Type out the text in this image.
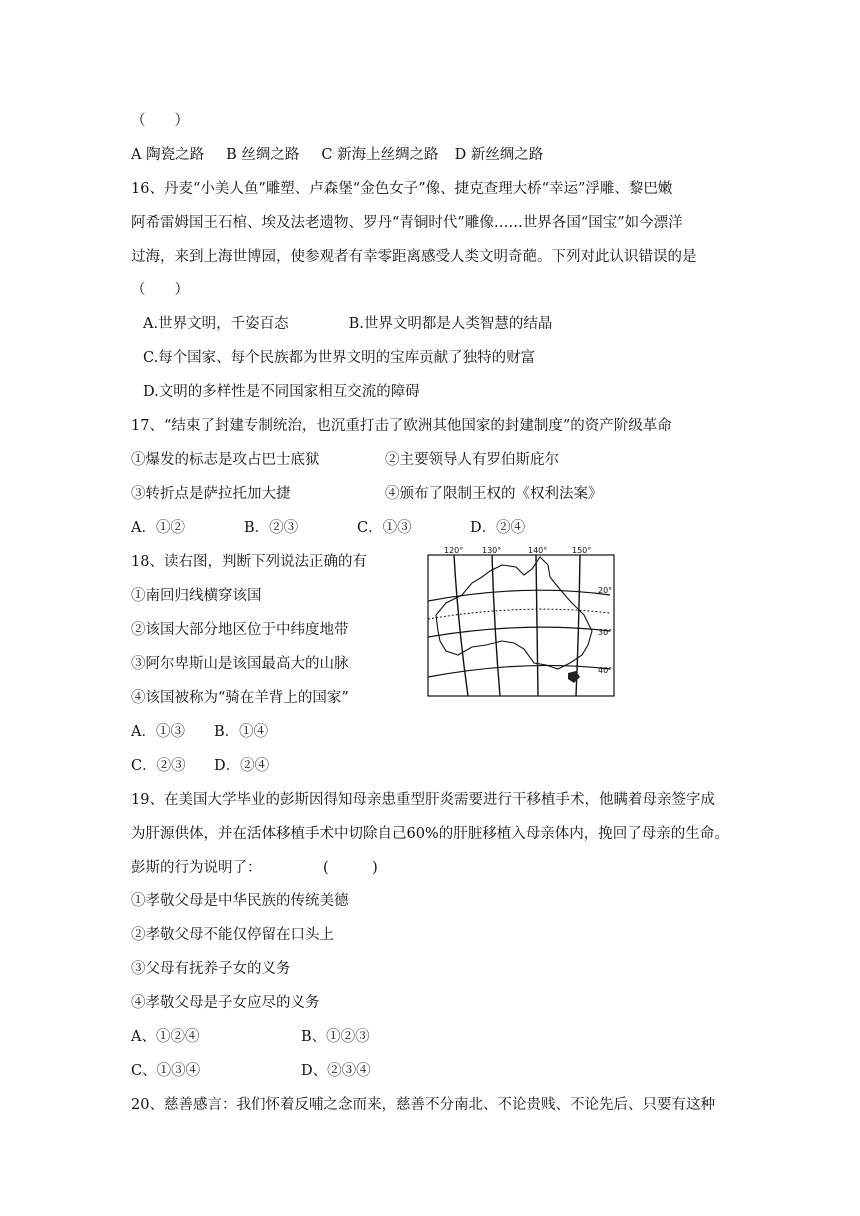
（　　）
A 陶瓷之路 B 丝绸之路 C 新海上丝绸之路 D 新丝绸之路
16、丹麦“小美人鱼”雕塑、卢森堡“金色女子”像、捷克查理大桥“幸运”浮雕、黎巴嫩
阿希雷姆国王石棺、埃及法老遗物、罗丹“青铜时代”雕像……世界各国“国宝”如今漂洋
过海，来到上海世博园，使参观者有幸零距离感受人类文明奇葩。下列对此认识错误的是
（　　）
A.世界文明，千姿百态	B.世界文明都是人类智慧的结晶
C.每个国家、每个民族都为世界文明的宝库贡献了独特的财富
D.文明的多样性是不同国家相互交流的障碍
17、“结束了封建专制统治，也沉重打击了欧洲其他国家的封建制度”的资产阶级革命
①爆发的标志是攻占巴士底狱	②主要领导人有罗伯斯庇尔
③转折点是萨拉托加大捷	④颁布了限制王权的《权利法案》
A．①②	B．②③	C．①③	D．②④
18、读右图，判断下列说法正确的有
①南回归线横穿该国
②该国大部分地区位于中纬度地带
③阿尔卑斯山是该国最高大的山脉
④该国被称为“骑在羊背上的国家”
A．①③ B．①④
C．②③ D．②④
120° 130°	140°	150°
20°
30°
40°
19、在美国大学毕业的彭斯因得知母亲患重型肝炎需要进行干移植手术，他瞒着母亲签字成
为肝源供体，并在活体移植手术中切除自己60%的肝脏移植入母亲体内，挽回了母亲的生命。
彭斯的行为说明了：	(　　　)
①孝敬父母是中华民族的传统美德
②孝敬父母不能仅停留在口头上
③父母有抚养子女的义务
④孝敬父母是子女应尽的义务
A、①②④	B、①②③
C、①③④	D、②③④
20、慈善感言：我们怀着反哺之念而来，慈善不分南北、不论贵贱、不论先后、只要有这种
